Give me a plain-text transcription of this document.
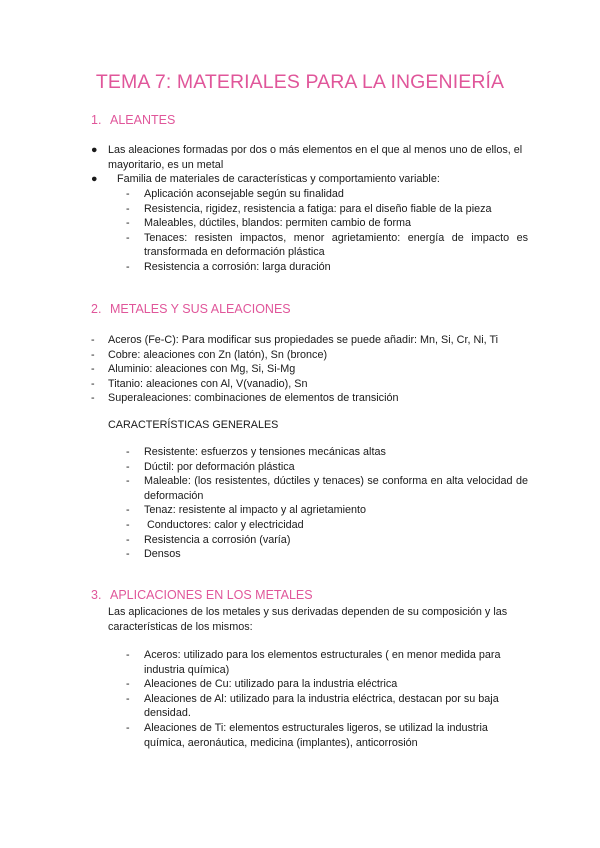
TEMA 7: MATERIALES PARA LA INGENIERÍA
1. ALEANTES
● Las aleaciones formadas por dos o más elementos en el que al menos uno de ellos, el mayoritario, es un metal

● Familia de materiales de características y comportamiento variable:

- Aplicación aconsejable según su finalidad

- Resistencia, rigidez, resistencia a fatiga: para el diseño fiable de la pieza

- Maleables, dúctiles, blandos: permiten cambio de forma

- Tenaces: resisten impactos, menor agrietamiento: energía de impacto es transformada en deformación plástica

- Resistencia a corrosión: larga duración

2. METALES Y SUS ALEACIONES
- Aceros (Fe-C): Para modificar sus propiedades se puede añadir: Mn, Si, Cr, Ni, Ti

- Cobre: aleaciones con Zn (latón), Sn (bronce)

- Aluminio: aleaciones con Mg, Si, Si-Mg

- Titanio: aleaciones con Al, V(vanadio), Sn

- Superaleaciones: combinaciones de elementos de transición

CARACTERÍSTICAS GENERALES

- Resistente: esfuerzos y tensiones mecánicas altas

- Dúctil: por deformación plástica

- Maleable: (los resistentes, dúctiles y tenaces) se conforma en alta velocidad de deformación

- Tenaz: resistente al impacto y al agrietamiento

- Conductores: calor y electricidad

- Resistencia a corrosión (varía)

- Densos

3. APLICACIONES EN LOS METALES

Las aplicaciones de los metales y sus derivadas dependen de su composición y las características de los mismos:

- Aceros: utilizado para los elementos estructurales ( en menor medida para industria química)

- Aleaciones de Cu: utilizado para la industria eléctrica

- Aleaciones de Al: utilizado para la industria eléctrica, destacan por su baja densidad.

- Aleaciones de Ti: elementos estructurales ligeros, se utilizad la industria química, aeronáutica, medicina (implantes), anticorrosión
